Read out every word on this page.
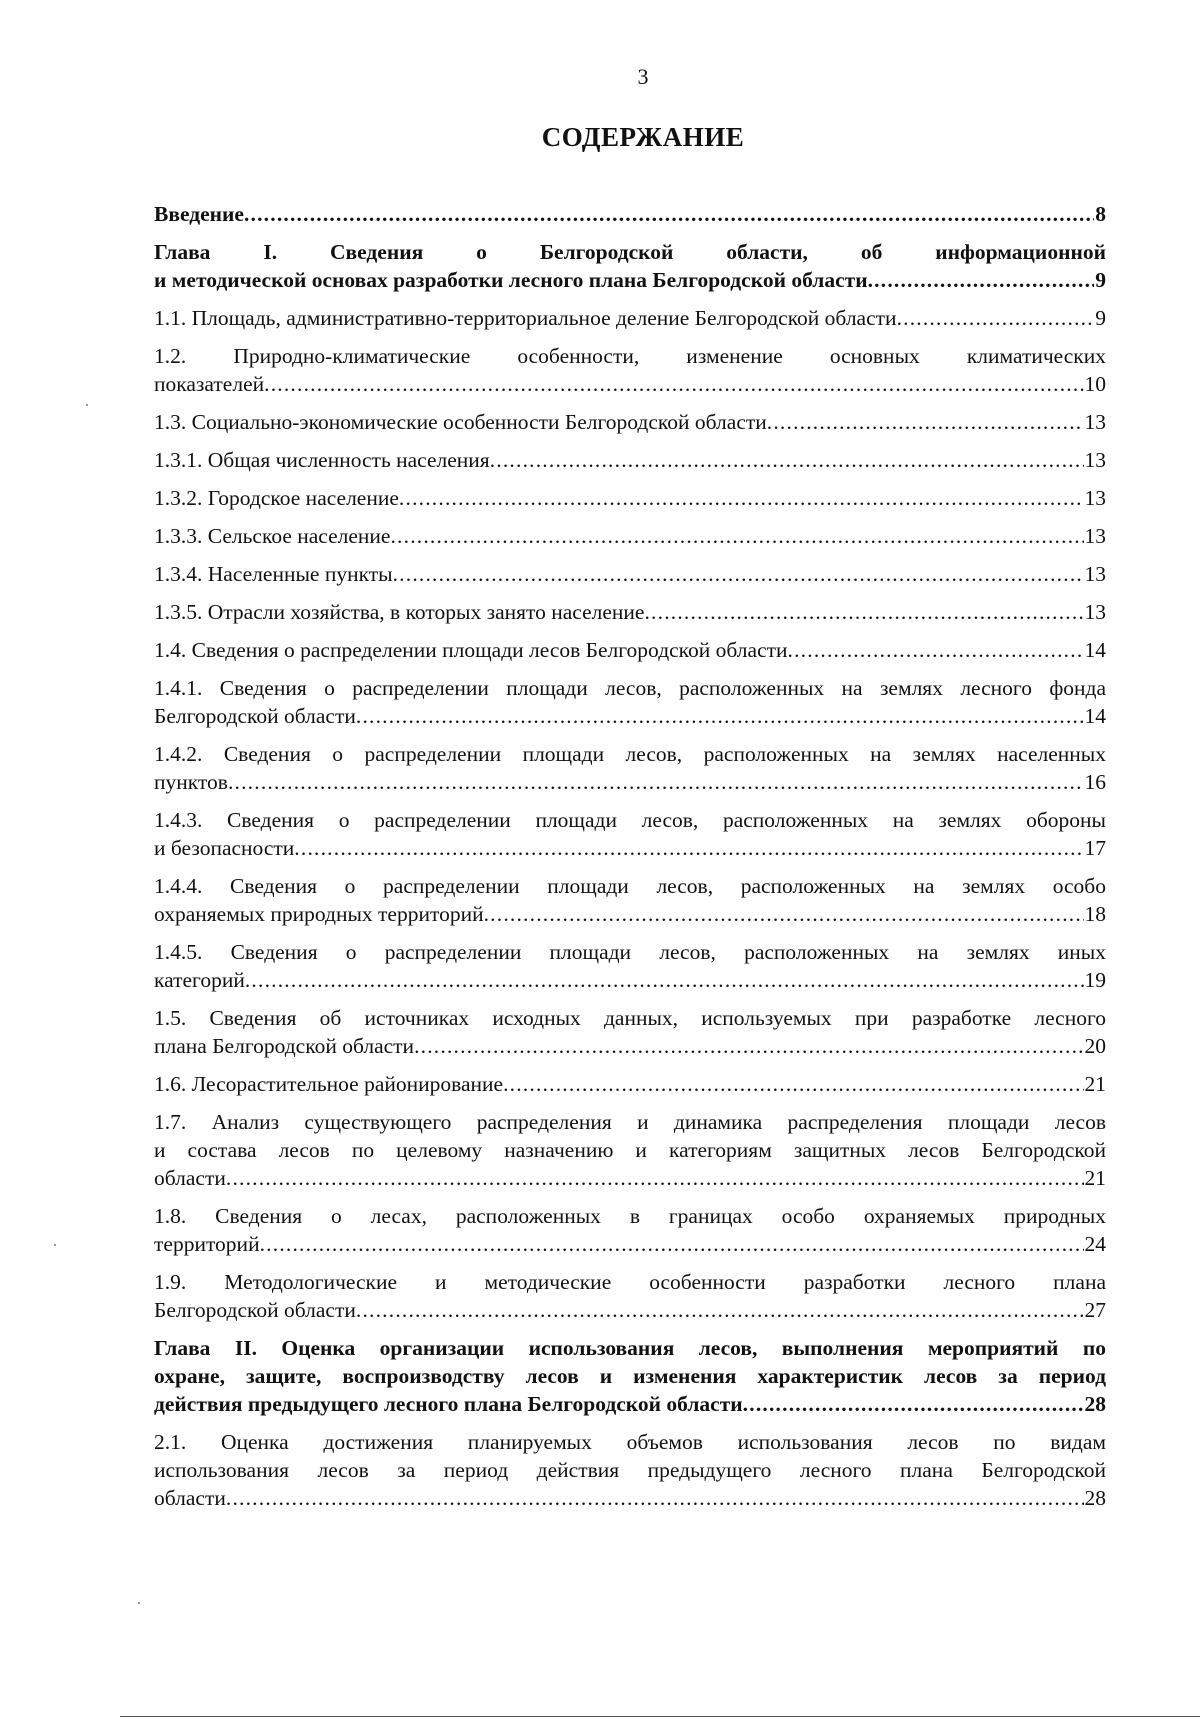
3
СОДЕРЖАНИЕ
Введение .....	8
Глава I. Сведения о Белгородской области, об информационной
и методической основах разработки лесного плана Белгородской области .....	9
1.1. Площадь, административно-территориальное деление Белгородской области .....	9
1.2. Природно-климатические особенности, изменение основных климатических
показателей .....	10
1.3. Социально-экономические особенности Белгородской области .....	13
1.3.1. Общая численность населения .....	13
1.3.2. Городское население .....	13
1.3.3. Сельское население .....	13
1.3.4. Населенные пункты .....	13
1.3.5. Отрасли хозяйства, в которых занято население .....	13
1.4. Сведения о распределении площади лесов Белгородской области .....	14
1.4.1. Сведения о распределении площади лесов, расположенных на землях лесного фонда
Белгородской области .....	14
1.4.2. Сведения о распределении площади лесов, расположенных на землях населенных
пунктов .....	16
1.4.3. Сведения о распределении площади лесов, расположенных на землях обороны
и безопасности .....	17
1.4.4. Сведения о распределении площади лесов, расположенных на землях особо
охраняемых природных территорий .....	18
1.4.5. Сведения о распределении площади лесов, расположенных на землях иных
категорий .....	19
1.5. Сведения об источниках исходных данных, используемых при разработке лесного
плана Белгородской области .....	20
1.6. Лесорастительное районирование .....	21
1.7. Анализ существующего распределения и динамика распределения площади лесов
и состава лесов по целевому назначению и категориям защитных лесов Белгородской
области .....	21
1.8. Сведения о лесах, расположенных в границах особо охраняемых природных
территорий .....	24
1.9. Методологические и методические особенности разработки лесного плана
Белгородской области .....	27
Глава II. Оценка организации использования лесов, выполнения мероприятий по
охране, защите, воспроизводству лесов и изменения характеристик лесов за период
действия предыдущего лесного плана Белгородской области .....	28
2.1. Оценка достижения планируемых объемов использования лесов по видам
использования лесов за период действия предыдущего лесного плана Белгородской
области .....	28
